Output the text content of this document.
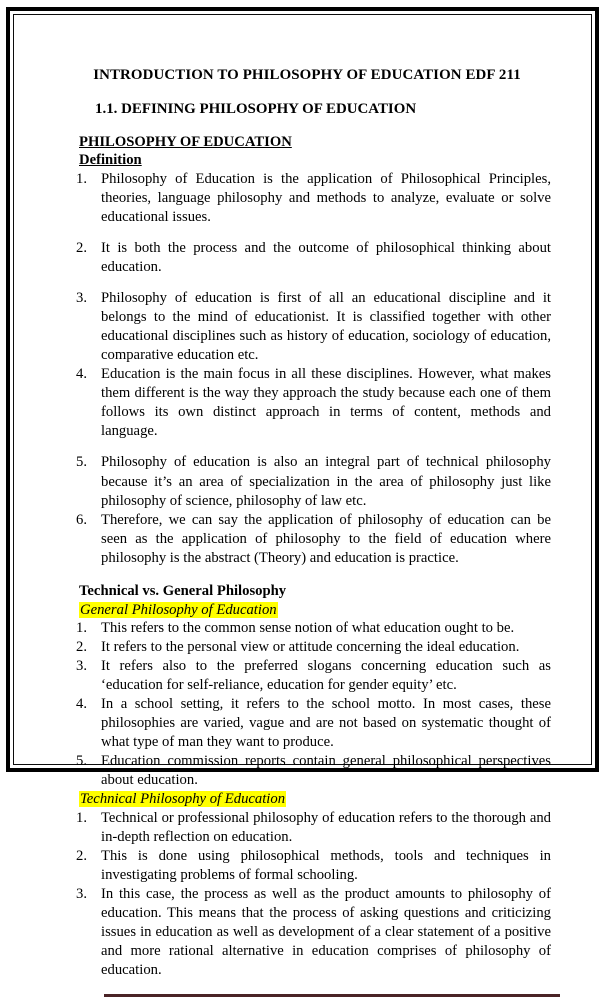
INTRODUCTION TO PHILOSOPHY OF EDUCATION EDF 211
1.1. DEFINING PHILOSOPHY OF EDUCATION
PHILOSOPHY OF EDUCATION
Definition
1. Philosophy of Education is the application of Philosophical Principles, theories, language philosophy and methods to analyze, evaluate or solve educational issues.
2. It is both the process and the outcome of philosophical thinking about education.
3. Philosophy of education is first of all an educational discipline and it belongs to the mind of educationist. It is classified together with other educational disciplines such as history of education, sociology of education, comparative education etc.
4. Education is the main focus in all these disciplines. However, what makes them different is the way they approach the study because each one of them follows its own distinct approach in terms of content, methods and language.
5. Philosophy of education is also an integral part of technical philosophy because it’s an area of specialization in the area of philosophy just like philosophy of science, philosophy of law etc.
6. Therefore, we can say the application of philosophy of education can be seen as the application of philosophy to the field of education where philosophy is the abstract (Theory) and education is practice.
Technical vs. General Philosophy
General Philosophy of Education
1. This refers to the common sense notion of what education ought to be.
2. It refers to the personal view or attitude concerning the ideal education.
3. It refers also to the preferred slogans concerning education such as ‘education for self-reliance, education for gender equity’ etc.
4. In a school setting, it refers to the school motto. In most cases, these philosophies are varied, vague and are not based on systematic thought of what type of man they want to produce.
5. Education commission reports contain general philosophical perspectives about education.
Technical Philosophy of Education
1. Technical or professional philosophy of education refers to the thorough and in-depth reflection on education.
2. This is done using philosophical methods, tools and techniques in investigating problems of formal schooling.
3. In this case, the process as well as the product amounts to philosophy of education. This means that the process of asking questions and criticizing issues in education as well as development of a clear statement of a positive and more rational alternative in education comprises of philosophy of education.
